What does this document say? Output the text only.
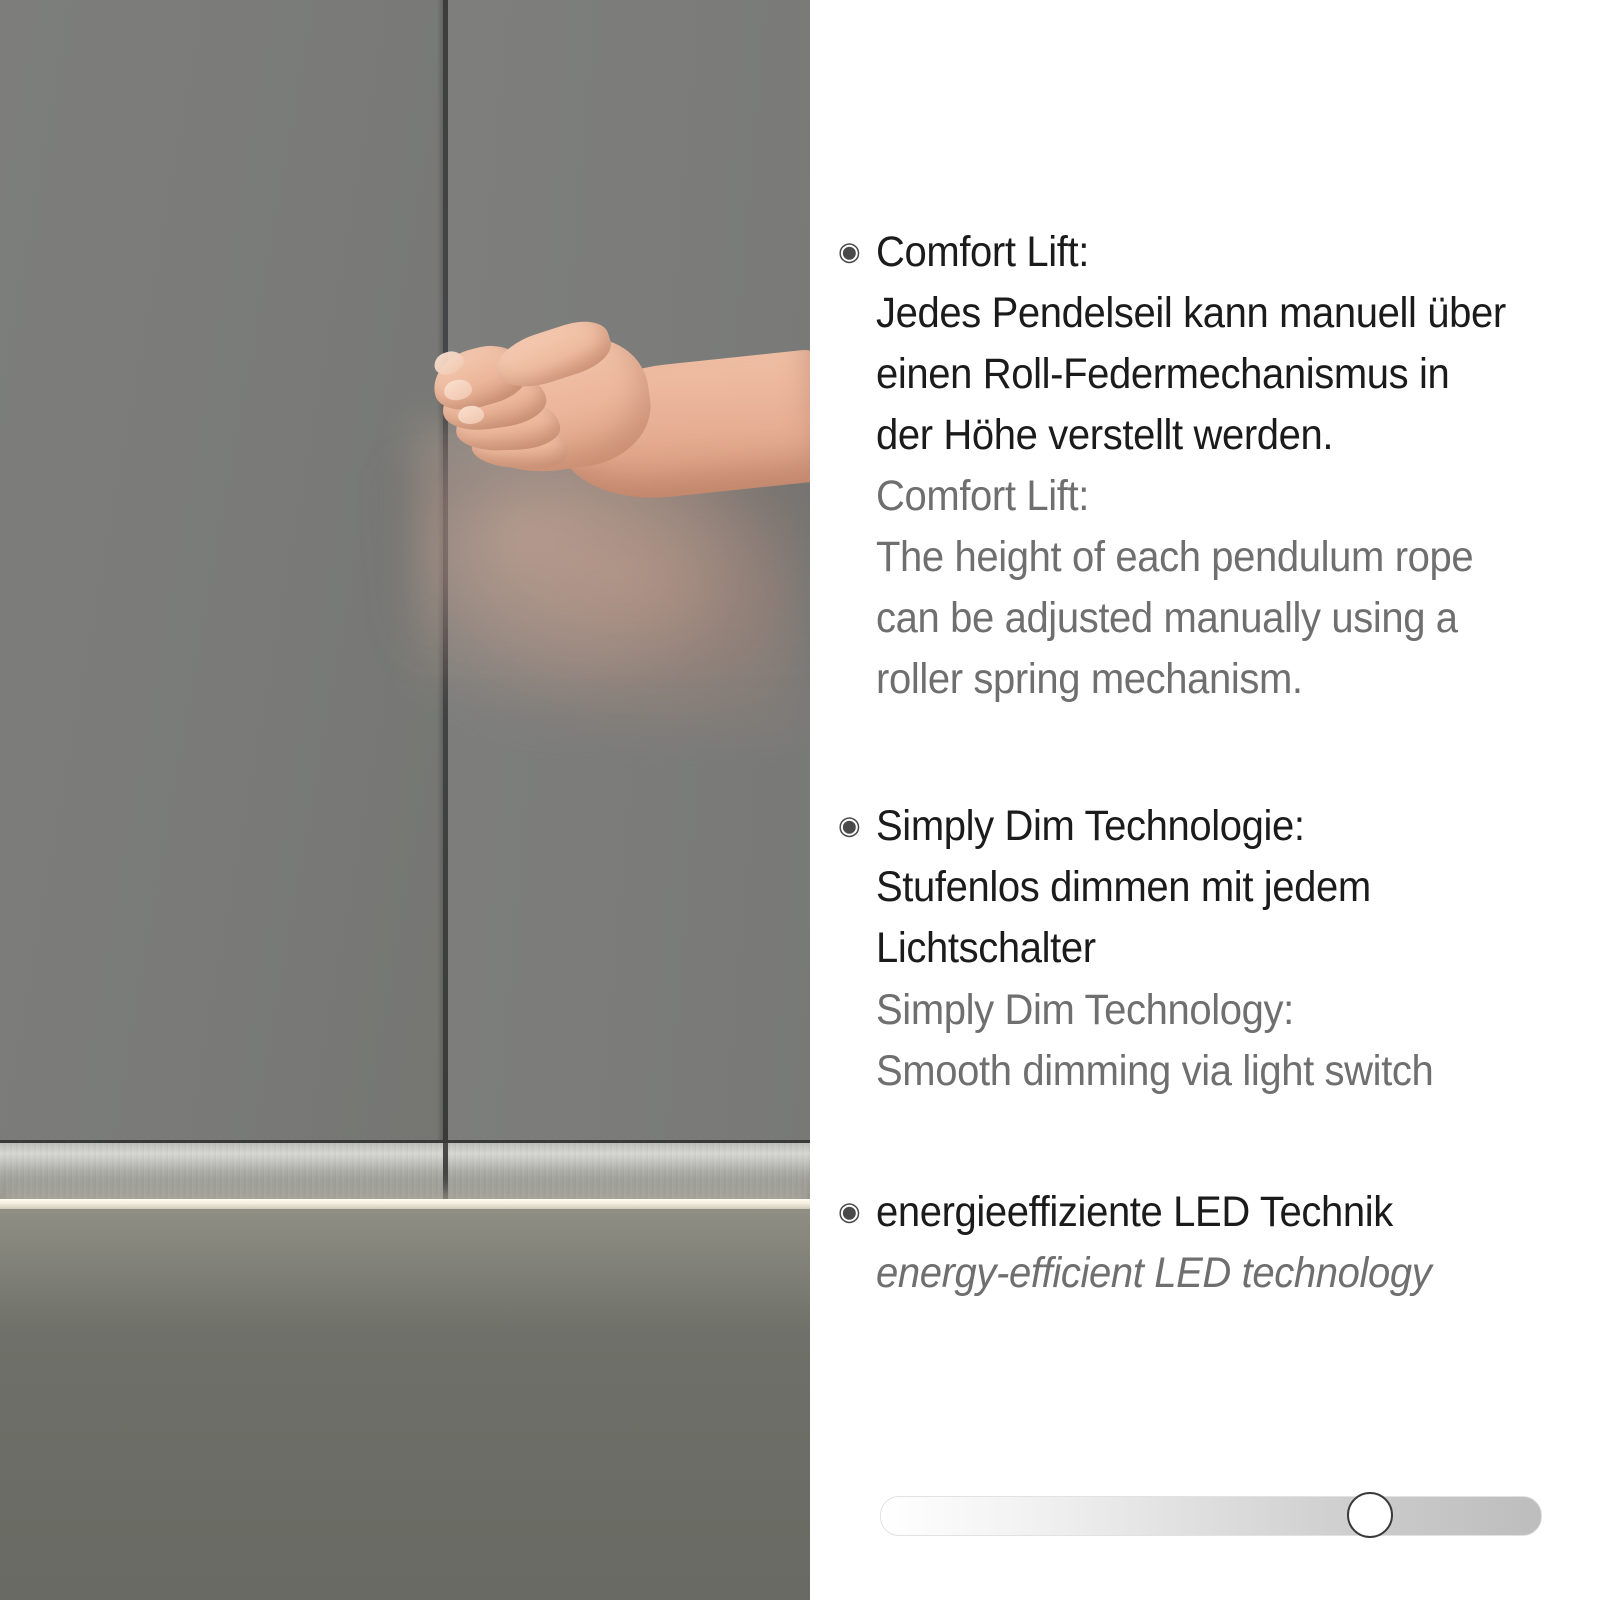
◉ Comfort Lift:
Jedes Pendelseil kann manuell über
einen Roll-Federmechanismus in
der Höhe verstellt werden.
Comfort Lift:
The height of each pendulum rope
can be adjusted manually using a
roller spring mechanism.
◉ Simply Dim Technologie:
Stufenlos dimmen mit jedem
Lichtschalter
Simply Dim Technology:
Smooth dimming via light switch
◉ energieeffiziente LED Technik
energy-efficient LED technology
